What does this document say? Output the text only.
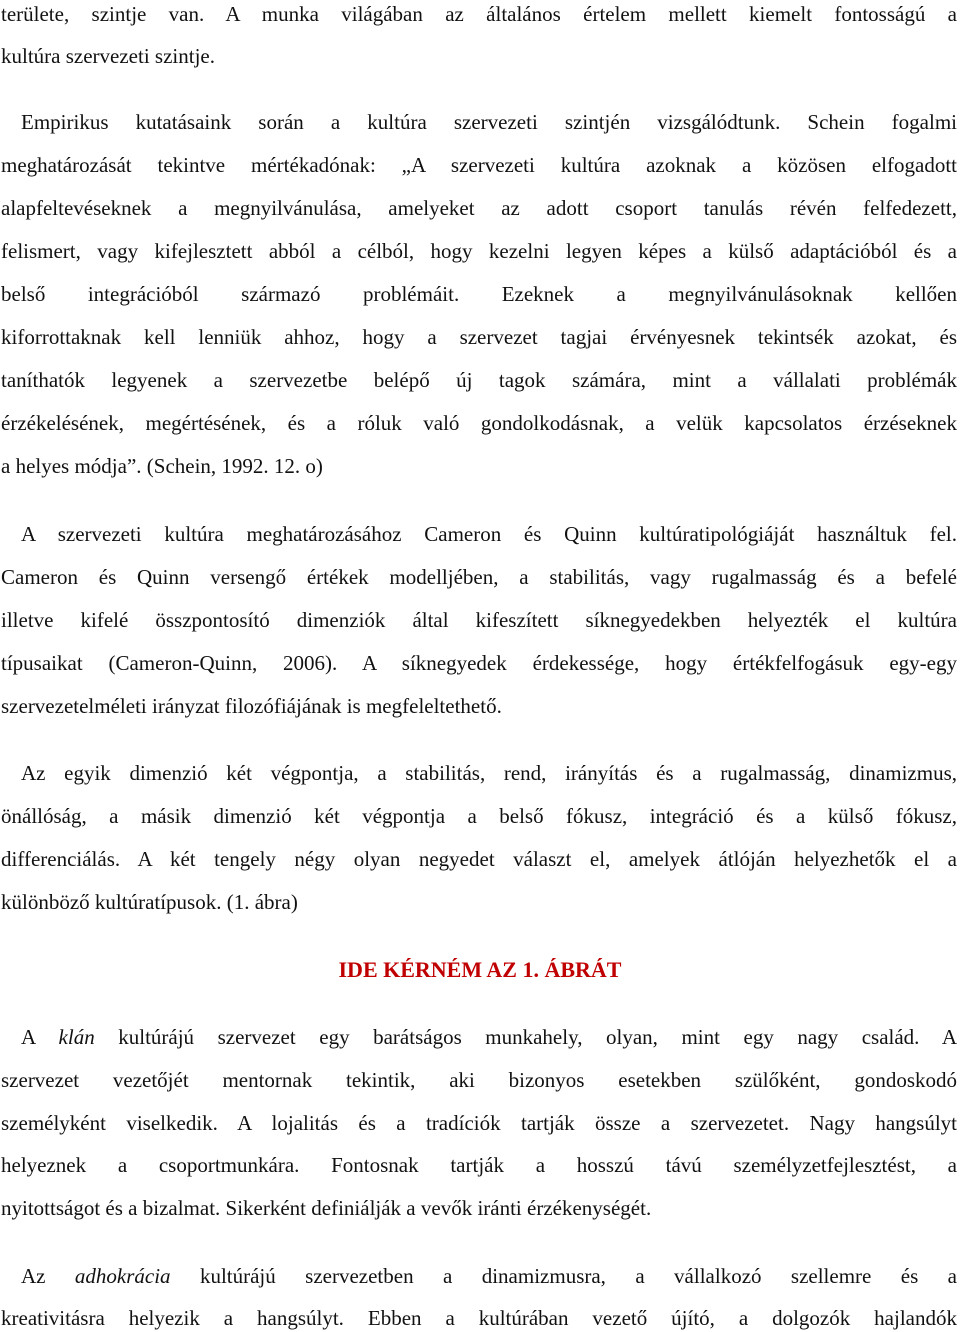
területe, szintje van. A munka világában az általános értelem mellett kiemelt fontosságú a
kultúra szervezeti szintje.
Empirikus kutatásaink során a kultúra szervezeti szintjén vizsgálódtunk. Schein fogalmi
meghatározását tekintve mértékadónak: „A szervezeti kultúra azoknak a közösen elfogadott
alapfeltevéseknek a megnyilvánulása, amelyeket az adott csoport tanulás révén felfedezett,
felismert, vagy kifejlesztett abból a célból, hogy kezelni legyen képes a külső adaptációból és a
belső integrációból származó problémáit. Ezeknek a megnyilvánulásoknak kellően
kiforrottaknak kell lenniük ahhoz, hogy a szervezet tagjai érvényesnek tekintsék azokat, és
taníthatók legyenek a szervezetbe belépő új tagok számára, mint a vállalati problémák
érzékelésének, megértésének, és a róluk való gondolkodásnak, a velük kapcsolatos érzéseknek
a helyes módja”. (Schein, 1992. 12. o)
A szervezeti kultúra meghatározásához Cameron és Quinn kultúratipológiáját használtuk fel.
Cameron és Quinn versengő értékek modelljében, a stabilitás, vagy rugalmasság és a befelé
illetve kifelé összpontosító dimenziók által kifeszített síknegyedekben helyezték el kultúra
típusaikat (Cameron-Quinn, 2006). A síknegyedek érdekessége, hogy értékfelfogásuk egy-egy
szervezetelméleti irányzat filozófiájának is megfeleltethető.
Az egyik dimenzió két végpontja, a stabilitás, rend, irányítás és a rugalmasság, dinamizmus,
önállóság, a másik dimenzió két végpontja a belső fókusz, integráció és a külső fókusz,
differenciálás. A két tengely négy olyan negyedet választ el, amelyek átlóján helyezhetők el a
különböző kultúratípusok. (1. ábra)
IDE KÉRNÉM AZ 1. ÁBRÁT
A klán kultúrájú szervezet egy barátságos munkahely, olyan, mint egy nagy család. A
szervezet vezetőjét mentornak tekintik, aki bizonyos esetekben szülőként, gondoskodó
személyként viselkedik. A lojalitás és a tradíciók tartják össze a szervezetet. Nagy hangsúlyt
helyeznek a csoportmunkára. Fontosnak tartják a hosszú távú személyzetfejlesztést, a
nyitottságot és a bizalmat. Sikerként definiálják a vevők iránti érzékenységét.
Az adhokrácia kultúrájú szervezetben a dinamizmusra, a vállalkozó szellemre és a
kreativitásra helyezik a hangsúlyt. Ebben a kultúrában vezető újító, a dolgozók hajlandók
